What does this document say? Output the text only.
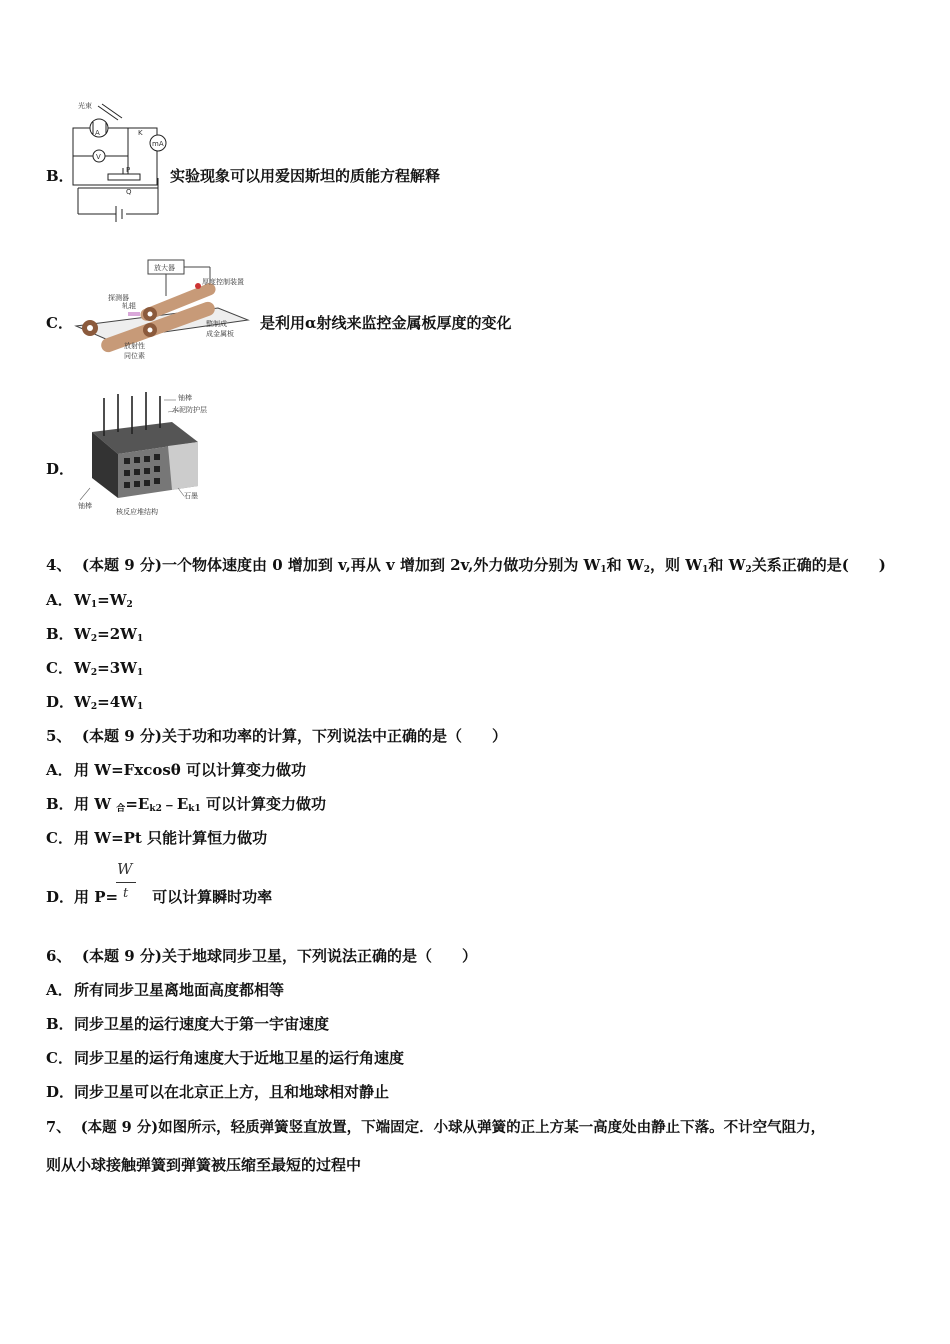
B．
光束
V
mA
A	K
P
Q
实验现象可以用爱因斯坦的质能方程解释
C．
放大器
探测器
厚度控制装置
轧辊
放射性
同位素
整制成
成金属板
是利用α射线来监控金属板厚度的变化
D．
铀棒
水泥防护层
石墨
铀棒
核反应堆结构
4、 (本题 9 分)一个物体速度由 0 增加到 v,再从 v 增加到 2v,外力做功分别为 $W_1$和 $W_2$，则 $W_1$和 $W_2$关系正确的是(　　)
A．$W_1=W_2$
B．$W_2=2W_1$
C．$W_2=3W_1$
D．$W_2=4W_1$
5、 (本题 9 分)关于功和功率的计算，下列说法中正确的是（　　）
A．用 W=Fxcosθ 可以计算变力做功
B．用 W $_合=E_{k2}﹣E_{k1}$ 可以计算变力做功
C．用 W=Pt 只能计算恒力做功
D．用 P= 可以计算瞬时功率
W
t
6、 (本题 9 分)关于地球同步卫星，下列说法正确的是（　　）
A．所有同步卫星离地面高度都相等
B．同步卫星的运行速度大于第一宇宙速度
C．同步卫星的运行角速度大于近地卫星的运行角速度
D．同步卫星可以在北京正上方，且和地球相对静止
7、 (本题 9 分)如图所示，轻质弹簧竖直放置，下端固定．小球从弹簧的正上方某一高度处由静止下落。不计空气阻力，
则从小球接触弹簧到弹簧被压缩至最短的过程中
